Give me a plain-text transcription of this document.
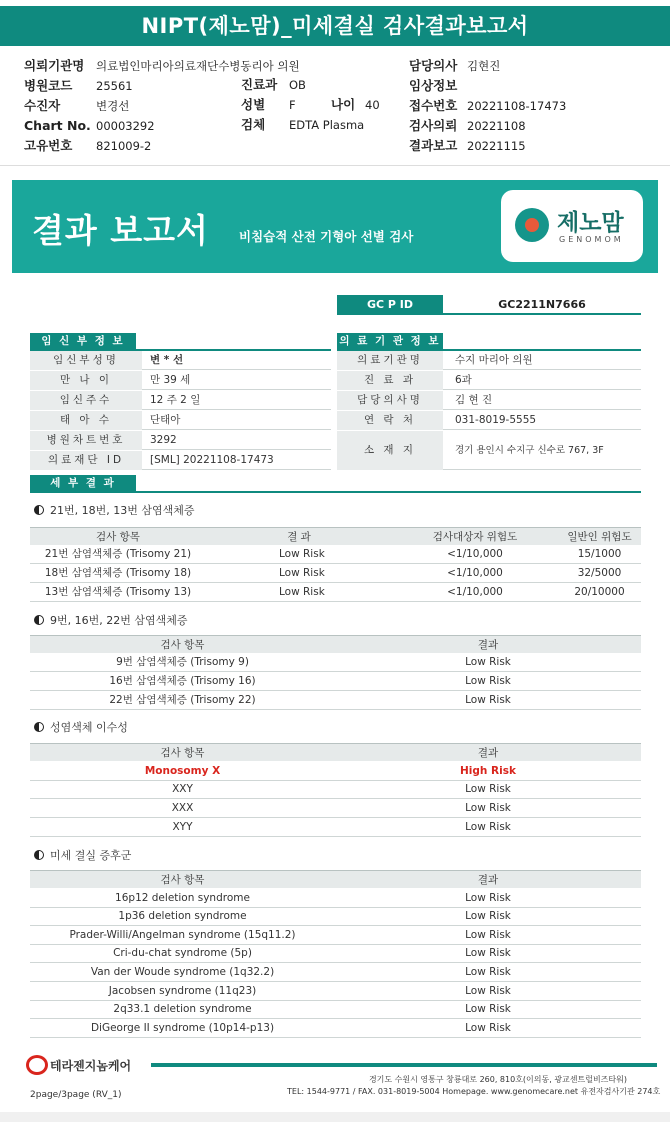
NIPT(제노맘)_미세결실 검사결과보고서
의뢰기관명 의료법인마리아의료재단수병동리아 의원
병원코드 25561
수진자	변경선
Chart No. 00003292
고유번호 821009-2
진료과 OB
성별 F	나이 40
검체 EDTA Plasma
담당의사 김현진
임상정보
접수번호 20221108-17473
검사의뢰 20221108
결과보고 20221115
결과 보고서 비침습적 산전 기형아 선별 검사
제노맘
GENOMOM
GC P ID	GC2211N7666
임 신 부 정 보
임신부성명	변 * 선
만 나 이	만 39 세
임신주수	12 주 2 일
태 아 수	단태아
병원차트번호	3292
의료재단 ID	[SML] 20221108-17473
의 료 기 관 정 보
의료기관명	수지 마리아 의원
진 료 과	6과
담당의사명	김 현 진
연 락 처	031-8019-5555
소 재 지	경기 용인시 수지구 신수로 767, 3F
세 부 결 과
21번, 18번, 13번 삼염색체증
검사 항목	결 과	검사대상자 위험도	일반인 위험도
21번 삼염색체증 (Trisomy 21)	Low Risk	<1/10,000	15/1000
18번 삼염색체증 (Trisomy 18)	Low Risk	<1/10,000	32/5000
13번 삼염색체증 (Trisomy 13)	Low Risk	<1/10,000	20/10000
9번, 16번, 22번 삼염색체증
검사 항목	결과
9번 삼염색체증 (Trisomy 9)	Low Risk
16번 삼염색체증 (Trisomy 16)	Low Risk
22번 삼염색체증 (Trisomy 22)	Low Risk
성염색체 이수성
검사 항목	결과
Monosomy X	High Risk
XXY	Low Risk
XXX	Low Risk
XYY	Low Risk
미세 결실 증후군
검사 항목	결과
16p12 deletion syndrome	Low Risk
1p36 deletion syndrome	Low Risk
Prader-Willi/Angelman syndrome (15q11.2)	Low Risk
Cri-du-chat syndrome (5p)	Low Risk
Van der Woude syndrome (1q32.2)	Low Risk
Jacobsen syndrome (11q23)	Low Risk
2q33.1 deletion syndrome	Low Risk
DiGeorge II syndrome (10p14-p13)	Low Risk
테라젠지놈케어
2page/3page (RV_1)
경기도 수원시 영통구 창룡대로 260, 810호(이의동, 광교센트럴비즈타워)
TEL: 1544-9771 / FAX. 031-8019-5004 Homepage. www.genomecare.net 유전자검사기관 274호
